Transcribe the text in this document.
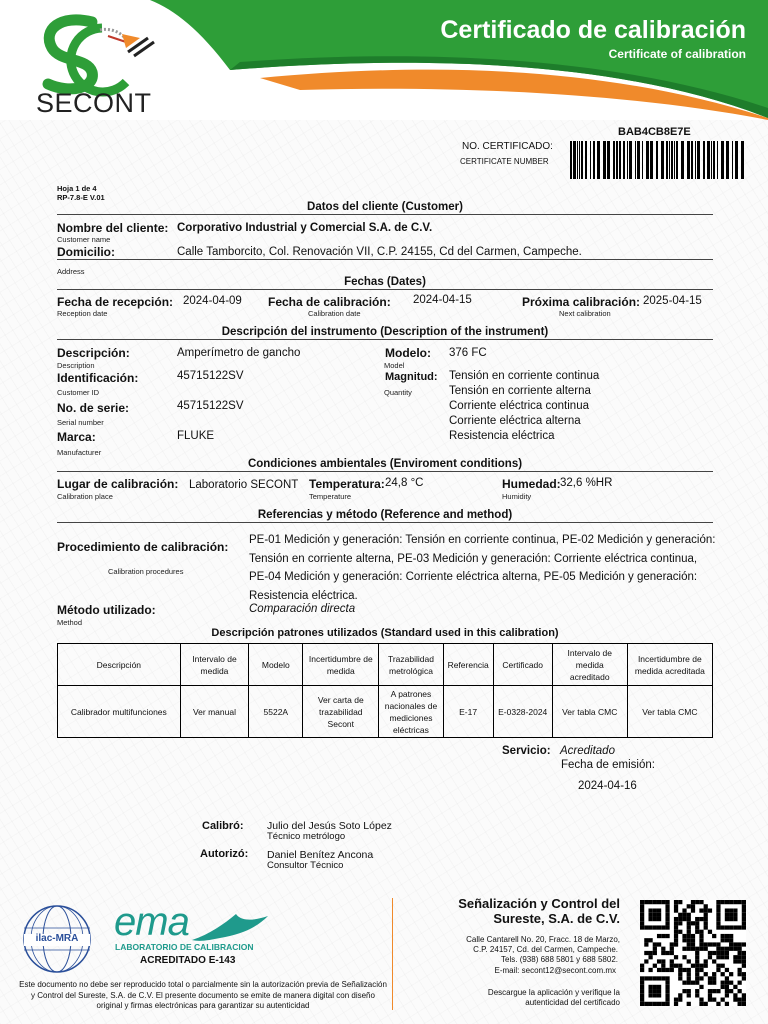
SECONT
Certificado de calibración
Certificate of calibration
BAB4CB8E7E
NO. CERTIFICADO:
CERTIFICATE NUMBER
Hoja 1 de 4
RP-7.8-E V.01
Datos del cliente (Customer)
Nombre del cliente:
Customer name
Corporativo Industrial y Comercial S.A. de C.V.
Domicilio:	Calle Tamborcito, Col. Renovación VII, C.P. 24155, Cd del Carmen, Campeche.
Address
Fechas (Dates)
Fecha de recepción:
Reception date
2024-04-09 Fecha de calibración:
Calibration date
2024-04-15	Próxima calibración:
Next calibration
2025-04-15
Descripción del instrumento (Description of the instrument)
Descripción:
Description
Amperímetro de gancho
Identificación:
Customer ID
45715122SV
No. de serie:
Serial number
45715122SV
Marca:
Manufacturer
FLUKE
Modelo:
Model
376 FC
Magnitud:
Quantity
Tensión en corriente continua
Tensión en corriente alterna
Corriente eléctrica continua
Corriente eléctrica alterna
Resistencia eléctrica
Condiciones ambientales (Enviroment conditions)
Lugar de calibración:
Calibration place
Laboratorio SECONT Temperatura:
Temperature
24,8 °C	Humedad:
Humidity
32,6 %HR
Referencias y método (Reference and method)
Procedimiento de calibración:
Calibration procedures
PE-01 Medición y generación: Tensión en corriente continua, PE-02 Medición y generación: Tensión en corriente alterna, PE-03 Medición y generación: Corriente eléctrica continua, PE-04 Medición y generación: Corriente eléctrica alterna, PE-05 Medición y generación: Resistencia eléctrica.
Método utilizado:
Method
Comparación directa
Descripción patrones utilizados (Standard used in this calibration)
Descripción	Intervalo de medida	Modelo	Incertidumbre de medida	Trazabilidad metrológica	Referencia	Certificado	Intervalo de medida acreditado	Incertidumbre de medida acreditada
Calibrador multifunciones	Ver manual	5522A	Ver carta de trazabilidad Secont	A patrones nacionales de mediciones eléctricas	E-17	E-0328-2024	Ver tabla CMC	Ver tabla CMC
Servicio: Acreditado
Fecha de emisión:
2024-04-16
Calibró: Julio del Jesús Soto López
Técnico metrólogo
Autorizó: Daniel Benítez Ancona
Consultor Técnico
ilac-MRA ema
LABORATORIO DE CALIBRACION
ACREDITADO E-143
Este documento no debe ser reproducido total o parcialmente sin la autorización previa de Señalización y Control del Sureste, S.A. de C.V. El presente documento se emite de manera digital con diseño original y firmas electrónicas para garantizar su autenticidad
Señalización y Control del
Sureste, S.A. de C.V.
Calle Cantarell No. 20, Fracc. 18 de Marzo,
C.P. 24157, Cd. del Carmen, Campeche.
Tels. (938) 688 5801 y 688 5802.
E-mail: secont12@secont.com.mx
Descargue la aplicación y verifique la autenticidad del certificado
